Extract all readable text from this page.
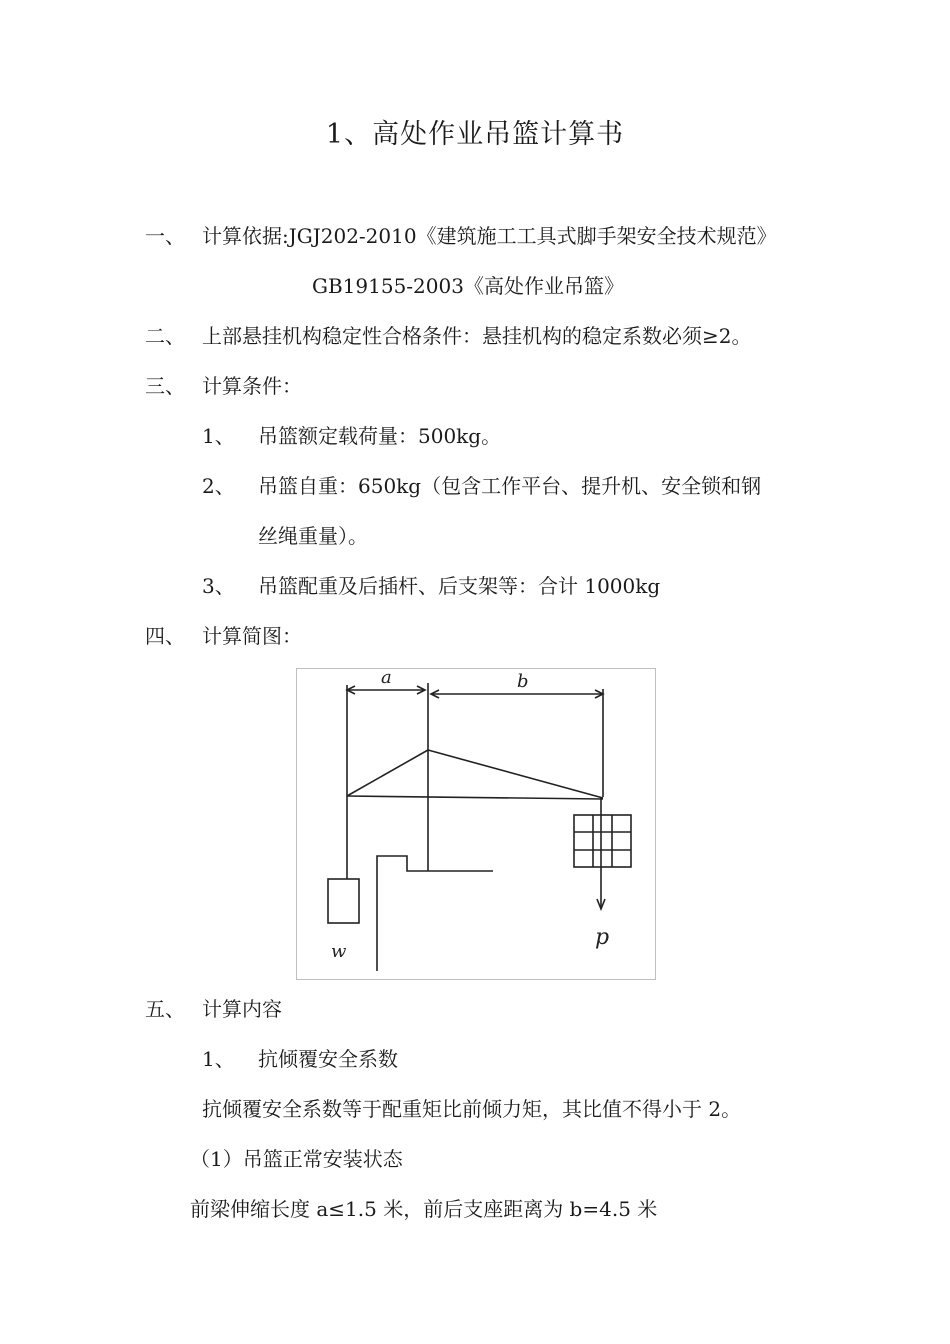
1、高处作业吊篮计算书
一、 计算依据:JGJ202-2010《建筑施工工具式脚手架安全技术规范》
GB19155-2003《高处作业吊篮》
二、 上部悬挂机构稳定性合格条件：悬挂机构的稳定系数必须≥2。
三、 计算条件：
1、 吊篮额定载荷量：500kg。
2、 吊篮自重：650kg（包含工作平台、提升机、安全锁和钢
丝绳重量）。
3、 吊篮配重及后插杆、后支架等：合计 1000kg
四、 计算简图：
a	b
w
p
五、 计算内容
1、 抗倾覆安全系数
抗倾覆安全系数等于配重矩比前倾力矩，其比值不得小于 2。
（1）吊篮正常安装状态
前梁伸缩长度 a≤1.5 米，前后支座距离为 b=4.5 米
